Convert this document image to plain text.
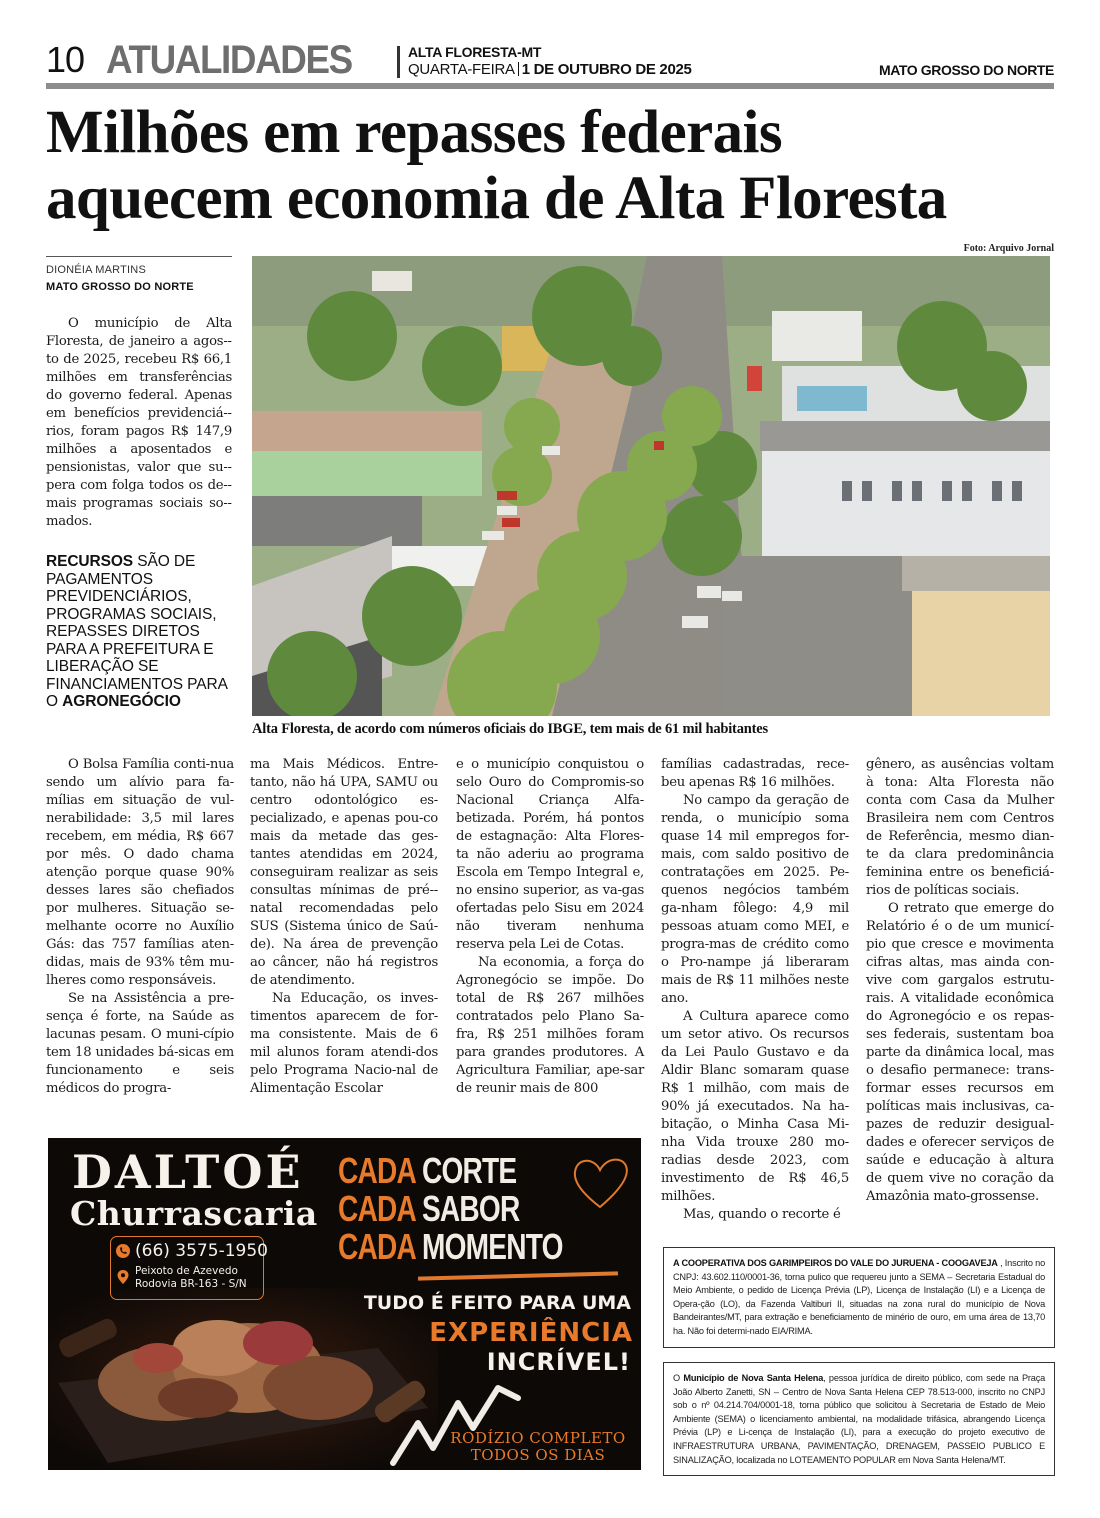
10 ATUALIDADES	ALTA FLORESTA-MT
QUARTA-FEIRA 1 DE OUTUBRO DE 2025	MATO GROSSO DO NORTE
Milhões em repasses federais
aquecem economia de Alta Floresta
Foto: Arquivo Jornal
DIONÉIA MARTINS
MATO GROSSO DO NORTE

O município de Alta Floresta, de janeiro a agos-to de 2025, recebeu R$ 66,1 milhões em transferências do governo federal. Apenas em benefícios previdenciá-rios, foram pagos R$ 147,9 milhões a aposentados e pensionistas, valor que su-pera com folga todos os de-mais programas sociais so-mados.

RECURSOS SÃO DE PAGAMENTOS PREVIDENCIÁRIOS, PROGRAMAS SOCIAIS, REPASSES DIRETOS PARA A PREFEITURA E LIBERAÇÃO SE FINANCIAMENTOS PARA O AGRONEGÓCIO
Alta Floresta, de acordo com números oficiais do IBGE, tem mais de 61 mil habitantes

O Bolsa Família conti-nua sendo um alívio para fa-mílias em situação de vul-nerabilidade: 3,5 mil lares recebem, em média, R$ 667 por mês. O dado chama atenção porque quase 90% desses lares são chefiados por mulheres. Situação se-melhante ocorre no Auxílio Gás: das 757 famílias aten-didas, mais de 93% têm mu-lheres como responsáveis.

Se na Assistência a pre-sença é forte, na Saúde as lacunas pesam. O muni-cípio tem 18 unidades bá-sicas em funcionamento e seis médicos do progra-

ma Mais Médicos. Entre-tanto, não há UPA, SAMU ou centro odontológico es-pecializado, e apenas pou-co mais da metade das ges-tantes atendidas em 2024, conseguiram realizar as seis consultas mínimas de pré--natal recomendadas pelo SUS (Sistema único de Saú-de). Na área de prevenção ao câncer, não há registros de atendimento.

Na Educação, os inves-timentos aparecem de for-ma consistente. Mais de 6 mil alunos foram atendi-dos pelo Programa Nacio-nal de Alimentação Escolar

e o município conquistou o selo Ouro do Compromis-so Nacional Criança Alfa-betizada. Porém, há pontos de estagnação: Alta Flores-ta não aderiu ao programa Escola em Tempo Integral e, no ensino superior, as va-gas ofertadas pelo Sisu em 2024 não tiveram nenhuma reserva pela Lei de Cotas.

Na economia, a força do Agronegócio se impõe. Do total de R$ 267 milhões contratados pelo Plano Sa-fra, R$ 251 milhões foram para grandes produtores. A Agricultura Familiar, ape-sar de reunir mais de 800

famílias cadastradas, rece-beu apenas R$ 16 milhões.

No campo da geração de renda, o município soma quase 14 mil empregos for-mais, com saldo positivo de contratações em 2025. Pe-quenos negócios também ga-nham fôlego: 4,9 mil pessoas atuam como MEI, e progra-mas de crédito como o Pro-nampe já liberaram mais de R$ 11 milhões neste ano.

A Cultura aparece como um setor ativo. Os recursos da Lei Paulo Gustavo e da Aldir Blanc somaram quase R$ 1 milhão, com mais de 90% já executados. Na ha-bitação, o Minha Casa Mi-nha Vida trouxe 280 mo-radias desde 2023, com investimento de R$ 46,5 milhões.

Mas, quando o recorte é

gênero, as ausências voltam à tona: Alta Floresta não conta com Casa da Mulher Brasileira nem com Centros de Referência, mesmo dian-te da clara predominância feminina entre os beneficiá-rios de políticas sociais.

O retrato que emerge do Relatório é o de um municí-pio que cresce e movimenta cifras altas, mas ainda con-vive com gargalos estrutu-rais. A vitalidade econômica do Agronegócio e os repas-ses federais, sustentam boa parte da dinâmica local, mas o desafio permanece: trans-formar esses recursos em políticas mais inclusivas, ca-pazes de reduzir desigual-dades e oferecer serviços de saúde e educação à altura de quem vive no coração da Amazônia mato-grossense.

DALTOÉ
Churrascaria
(66) 3575-1950
Peixoto de Azevedo
Rodovia BR-163 - S/N
CADA CORTE
CADA SABOR
CADA MOMENTO
TUDO É FEITO PARA UMA
EXPERIÊNCIA
INCRÍVEL!
RODÍZIO COMPLETO
TODOS OS DIAS
A COOPERATIVA DOS GARIMPEIROS DO VALE DO JURUENA - COOGAVEJA , Inscrito no CNPJ: 43.602.110/0001-36, torna pulico que requereu junto a SEMA – Secretaria Estadual do Meio Ambiente, o pedido de Licença Prévia (LP), Licença de Instalação (LI) e a Licença de Opera-ção (LO), da Fazenda Valtiburi II, situadas na zona rural do município de Nova Bandeirantes/MT, para extração e beneficiamento de minério de ouro, em uma área de 13,70 ha. Não foi determi-nado EIA/RIMA.
O Município de Nova Santa Helena, pessoa jurídica de direito público, com sede na Praça João Alberto Zanetti, SN – Centro de Nova Santa Helena CEP 78.513-000, inscrito no CNPJ sob o nº 04.214.704/0001-18, torna público que solicitou à Secretaria de Estado de Meio Ambiente (SEMA) o licenciamento ambiental, na modalidade trifásica, abrangendo Licença Prévia (LP) e Li-cença de Instalação (LI), para a execução do projeto executivo de INFRAESTRUTURA URBANA, PAVIMENTAÇÃO, DRENAGEM, PASSEIO PUBLICO E SINALIZAÇÃO, localizada no LOTEAMENTO POPULAR em Nova Santa Helena/MT.
